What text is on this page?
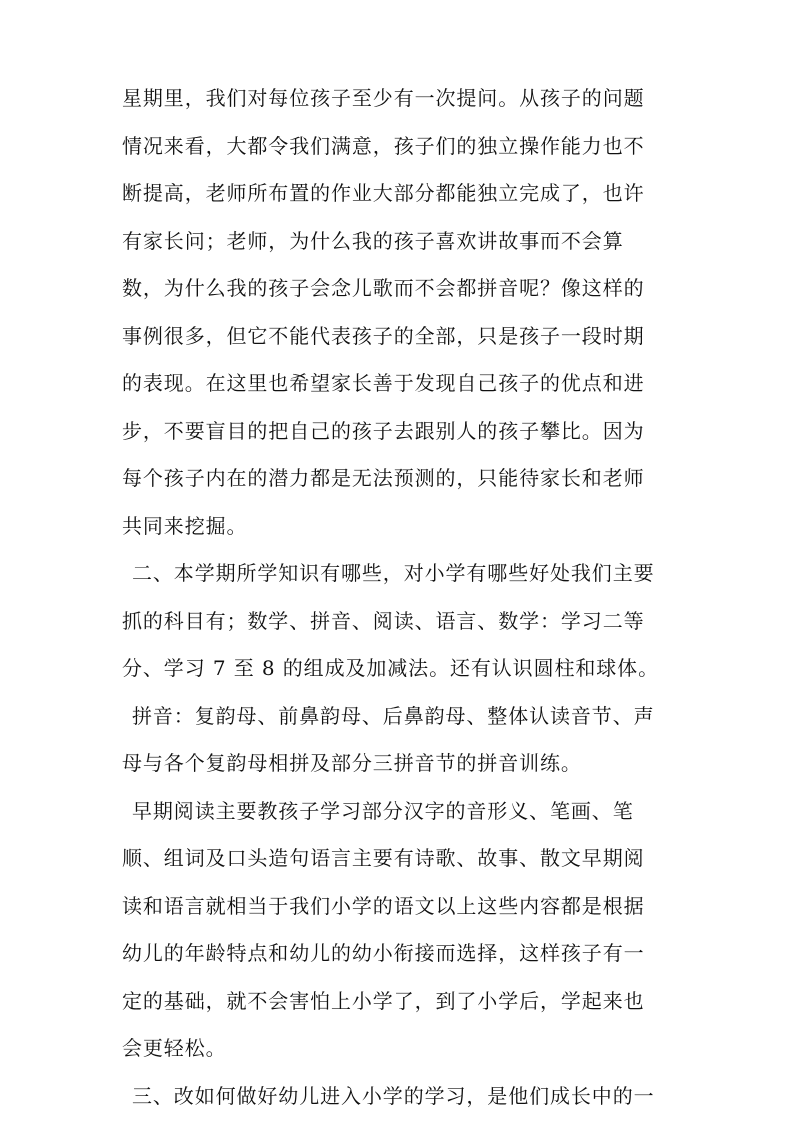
星期里，我们对每位孩子至少有一次提问。从孩子的问题
情况来看，大都令我们满意，孩子们的独立操作能力也不
断提高，老师所布置的作业大部分都能独立完成了，也许
有家长问；老师，为什么我的孩子喜欢讲故事而不会算
数，为什么我的孩子会念儿歌而不会都拼音呢？像这样的
事例很多，但它不能代表孩子的全部，只是孩子一段时期
的表现。在这里也希望家长善于发现自己孩子的优点和进
步，不要盲目的把自己的孩子去跟别人的孩子攀比。因为
每个孩子内在的潜力都是无法预测的，只能待家长和老师
共同来挖掘。
二、本学期所学知识有哪些，对小学有哪些好处我们主要
抓的科目有；数学、拼音、阅读、语言、数学：学习二等
分、学习 7 至 8 的组成及加减法。还有认识圆柱和球体。
拼音：复韵母、前鼻韵母、后鼻韵母、整体认读音节、声
母与各个复韵母相拼及部分三拼音节的拼音训练。
早期阅读主要教孩子学习部分汉字的音形义、笔画、笔
顺、组词及口头造句语言主要有诗歌、故事、散文早期阅
读和语言就相当于我们小学的语文以上这些内容都是根据
幼儿的年龄特点和幼儿的幼小衔接而选择，这样孩子有一
定的基础，就不会害怕上小学了，到了小学后，学起来也
会更轻松。
三、改如何做好幼儿进入小学的学习，是他们成长中的一
